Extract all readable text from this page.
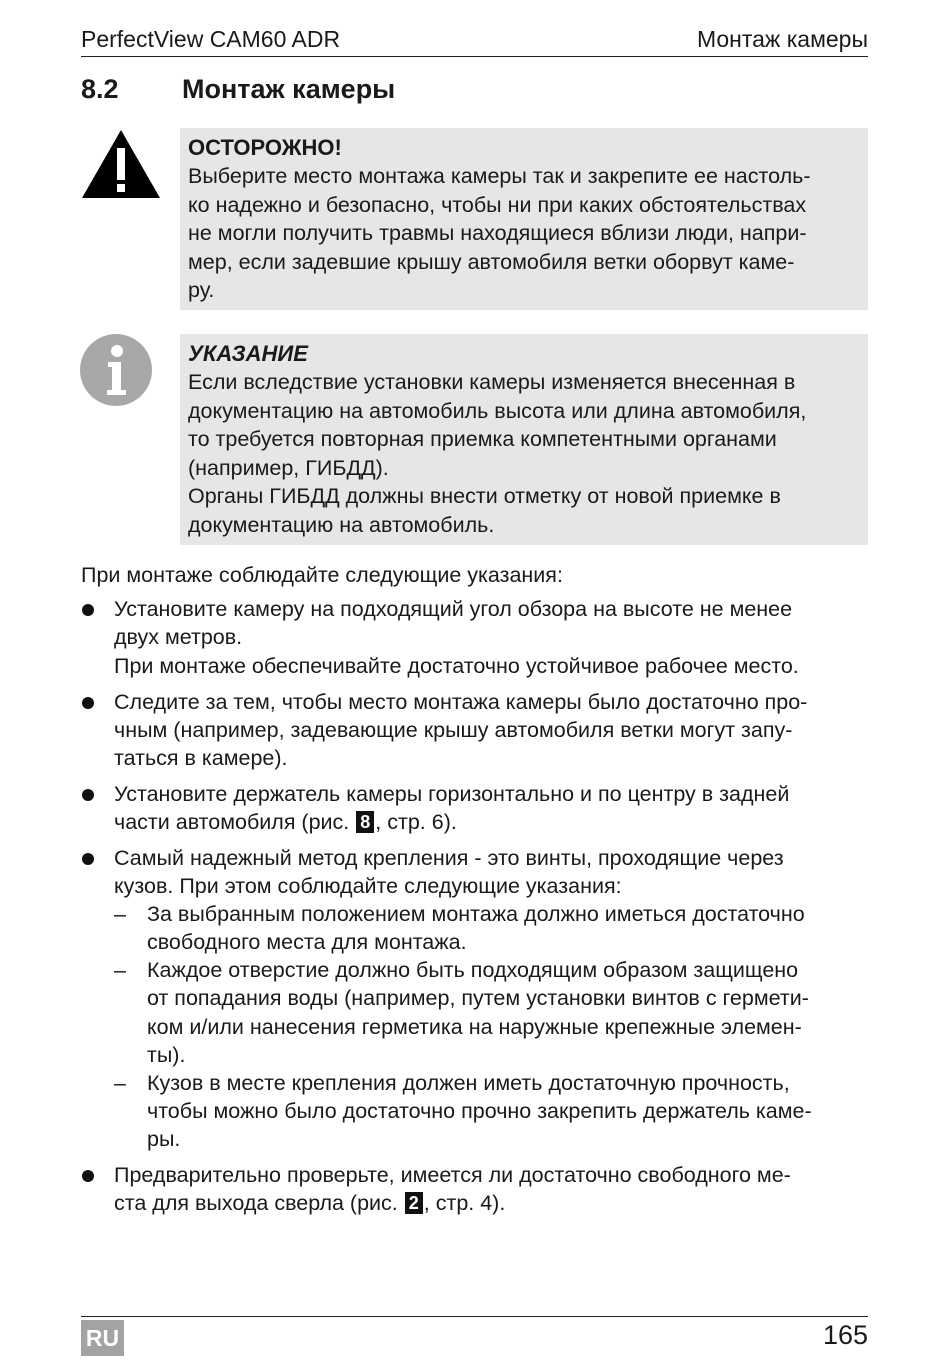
PerfectView CAM60 ADR	Монтаж камеры
8.2 Монтаж камеры
ОСТОРОЖНО!
Выберите место монтажа камеры так и закрепите ее настоль-
ко надежно и безопасно, чтобы ни при каких обстоятельствах
не могли получить травмы находящиеся вблизи люди, напри-
мер, если задевшие крышу автомобиля ветки оборвут каме-
ру.
УКАЗАНИЕ
Если вследствие установки камеры изменяется внесенная в
документацию на автомобиль высота или длина автомобиля,
то требуется повторная приемка компетентными органами
(например, ГИБДД).
Органы ГИБДД должны внести отметку от новой приемке в
документацию на автомобиль.
При монтаже соблюдайте следующие указания:
Установите камеру на подходящий угол обзора на высоте не менее
двух метров.
При монтаже обеспечивайте достаточно устойчивое рабочее место.
Следите за тем, чтобы место монтажа камеры было достаточно про-
чным (например, задевающие крышу автомобиля ветки могут запу-
таться в камере).
Установите держатель камеры горизонтально и по центру в задней
части автомобиля (рис. 8 , стр. 6).
Самый надежный метод крепления - это винты, проходящие через
кузов. При этом соблюдайте следующие указания:
– За выбранным положением монтажа должно иметься достаточно
свободного места для монтажа.
– Каждое отверстие должно быть подходящим образом защищено
от попадания воды (например, путем установки винтов с гермети-
ком и/или нанесения герметика на наружные крепежные элемен-
ты).
– Кузов в месте крепления должен иметь достаточную прочность,
чтобы можно было достаточно прочно закрепить держатель каме-
ры.
Предварительно проверьте, имеется ли достаточно свободного ме-
ста для выхода сверла (рис. 2 , стр. 4).
RU	165
